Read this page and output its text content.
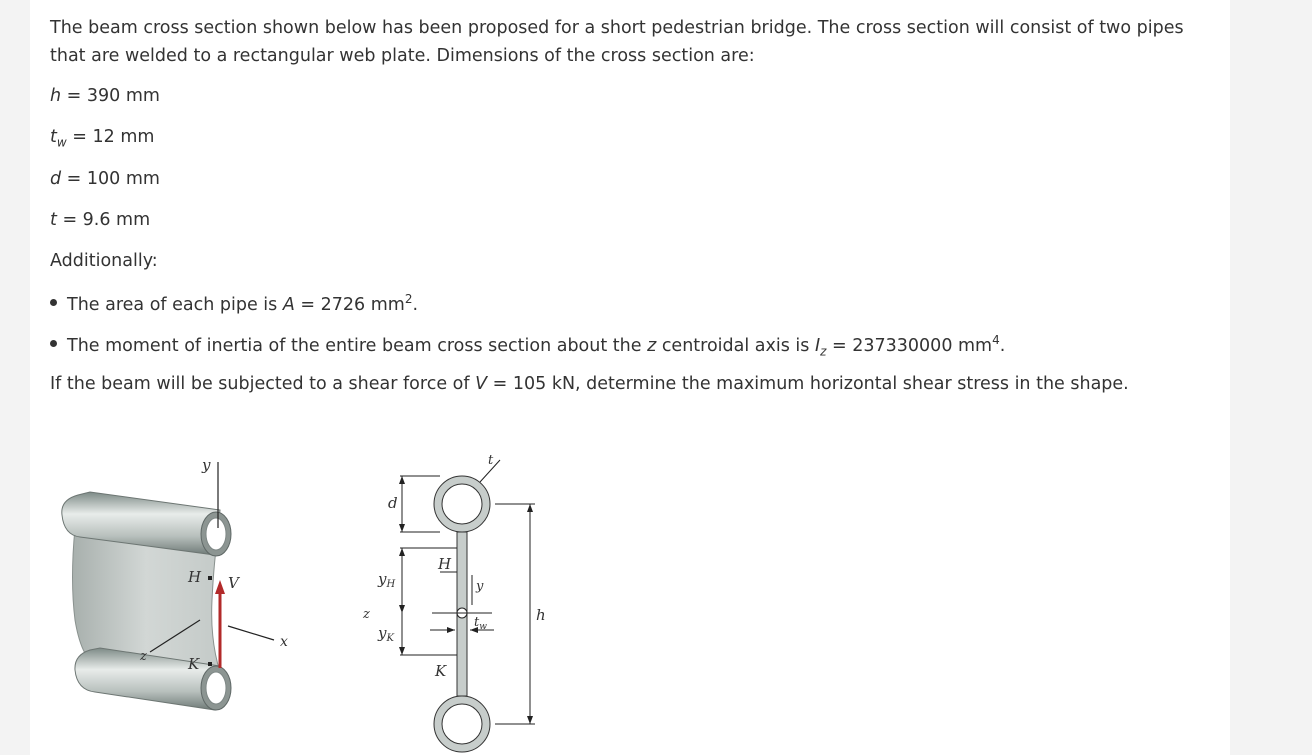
The beam cross section shown below has been proposed for a short pedestrian bridge. The cross section will consist of two pipes that are welded to a rectangular web plate. Dimensions of the cross section are:

h = 390 mm
$t_w = 12$ mm
d = 100 mm
t = 9.6 mm
Additionally:
The area of each pipe is A = 2726 $mm^2$.
The moment of inertia of the entire beam cross section about the z centroidal axis is $I_z = 237330000$ $mm^4$.
If the beam will be subjected to a shear force of V = 105 kN, determine the maximum horizontal shear stress in the shape.
y
x
z
H
K
V
d
H
$y_H$
$y_K$
K
z
y
t
$t_w$
h
